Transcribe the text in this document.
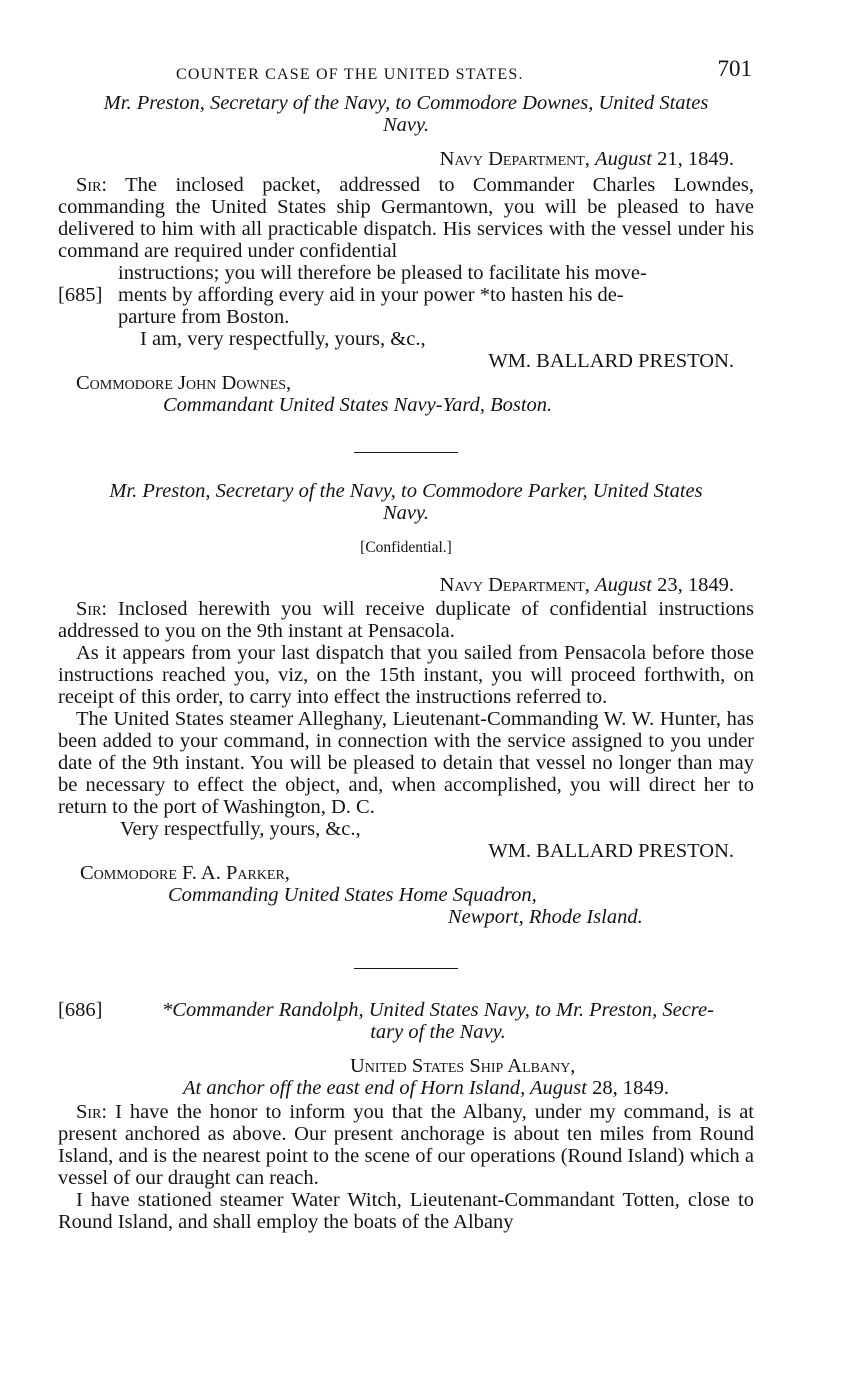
COUNTER CASE OF THE UNITED STATES.	701
Mr. Preston, Secretary of the Navy, to Commodore Downes, United States
Navy.
Navy Department, August 21, 1849.

Sir: The inclosed packet, addressed to Commander Charles Lowndes, commanding the United States ship Germantown, you will be pleased to have delivered to him with all practicable dispatch. His services with the vessel under his command are required under confidential

instructions; you will therefore be pleased to facilitate his move-

[685] ments by affording every aid in your power *to hasten his de-

parture from Boston.

I am, very respectfully, yours, &c.,

WM. BALLARD PRESTON.
Commodore John Downes,
Commandant United States Navy-Yard, Boston.
Mr. Preston, Secretary of the Navy, to Commodore Parker, United States
Navy.
[Confidential.]
Navy Department, August 23, 1849.

Sir: Inclosed herewith you will receive duplicate of confidential instructions addressed to you on the 9th instant at Pensacola.

As it appears from your last dispatch that you sailed from Pensacola before those instructions reached you, viz, on the 15th instant, you will proceed forthwith, on receipt of this order, to carry into effect the instructions referred to.

The United States steamer Alleghany, Lieutenant-Commanding W. W. Hunter, has been added to your command, in connection with the service assigned to you under date of the 9th instant. You will be pleased to detain that vessel no longer than may be necessary to effect the object, and, when accomplished, you will direct her to return to the port of Washington, D. C.

Very respectfully, yours, &c.,

WM. BALLARD PRESTON.
Commodore F. A. Parker,
Commanding United States Home Squadron,
Newport, Rhode Island.
[686]	*Commander Randolph, United States Navy, to Mr. Preston, Secre-
tary of the Navy.
United States Ship Albany,
At anchor off the east end of Horn Island, August 28, 1849.

Sir: I have the honor to inform you that the Albany, under my command, is at present anchored as above. Our present anchorage is about ten miles from Round Island, and is the nearest point to the scene of our operations (Round Island) which a vessel of our draught can reach.

I have stationed steamer Water Witch, Lieutenant-Commandant Totten, close to Round Island, and shall employ the boats of the Albany
